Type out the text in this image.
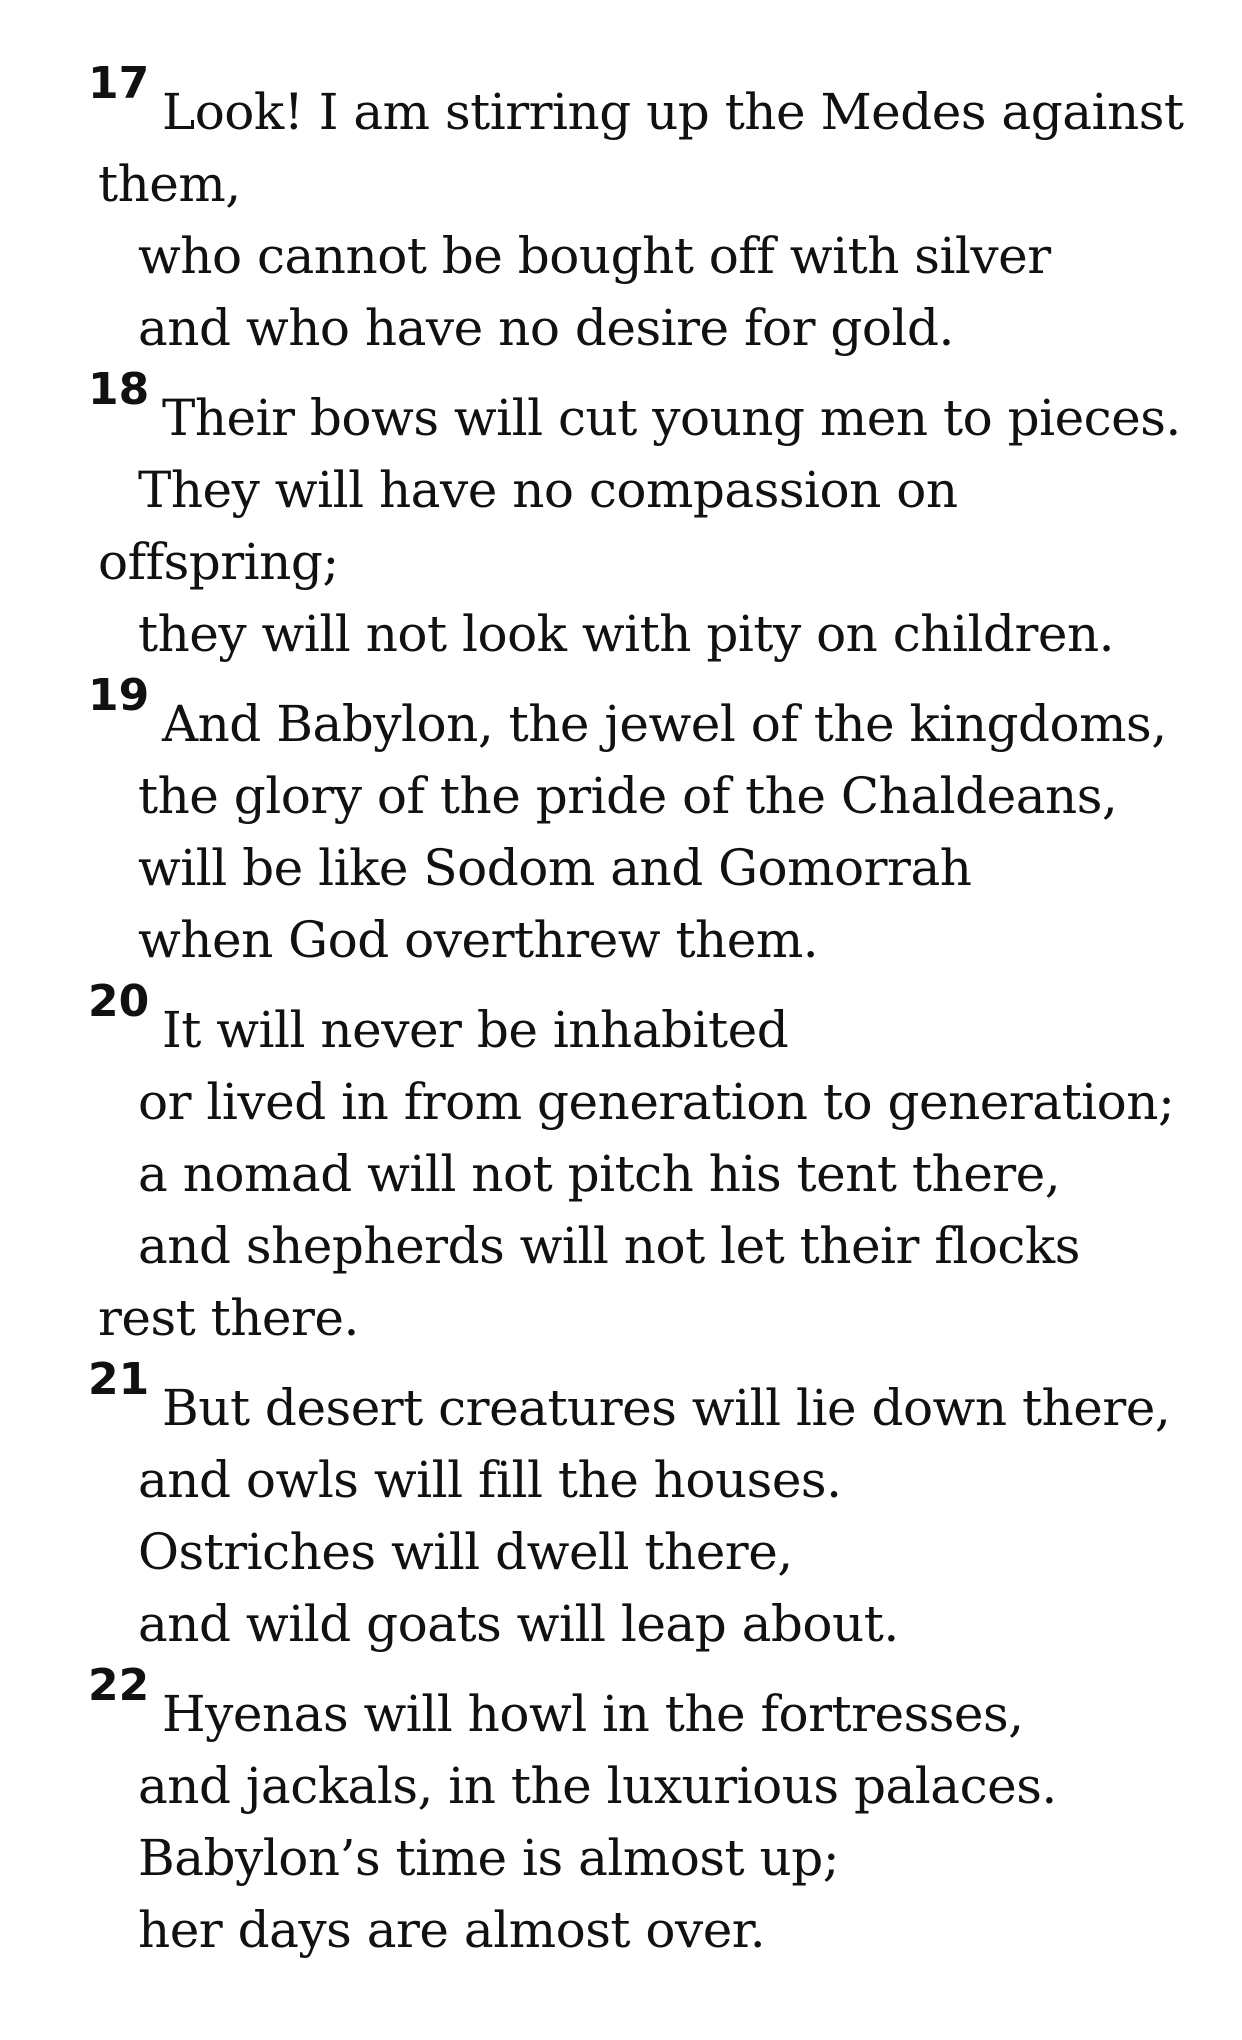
17 Look! I am stirring up the Medes against
them,
who cannot be bought off with silver
and who have no desire for gold.
18 Their bows will cut young men to pieces.
They will have no compassion on
offspring;
they will not look with pity on children.
19 And Babylon, the jewel of the kingdoms,
the glory of the pride of the Chaldeans,
will be like Sodom and Gomorrah
when God overthrew them.
20 It will never be inhabited
or lived in from generation to generation;
a nomad will not pitch his tent there,
and shepherds will not let their flocks
rest there.
21 But desert creatures will lie down there,
and owls will fill the houses.
Ostriches will dwell there,
and wild goats will leap about.
22 Hyenas will howl in the fortresses,
and jackals, in the luxurious palaces.
Babylon’s time is almost up;
her days are almost over.
